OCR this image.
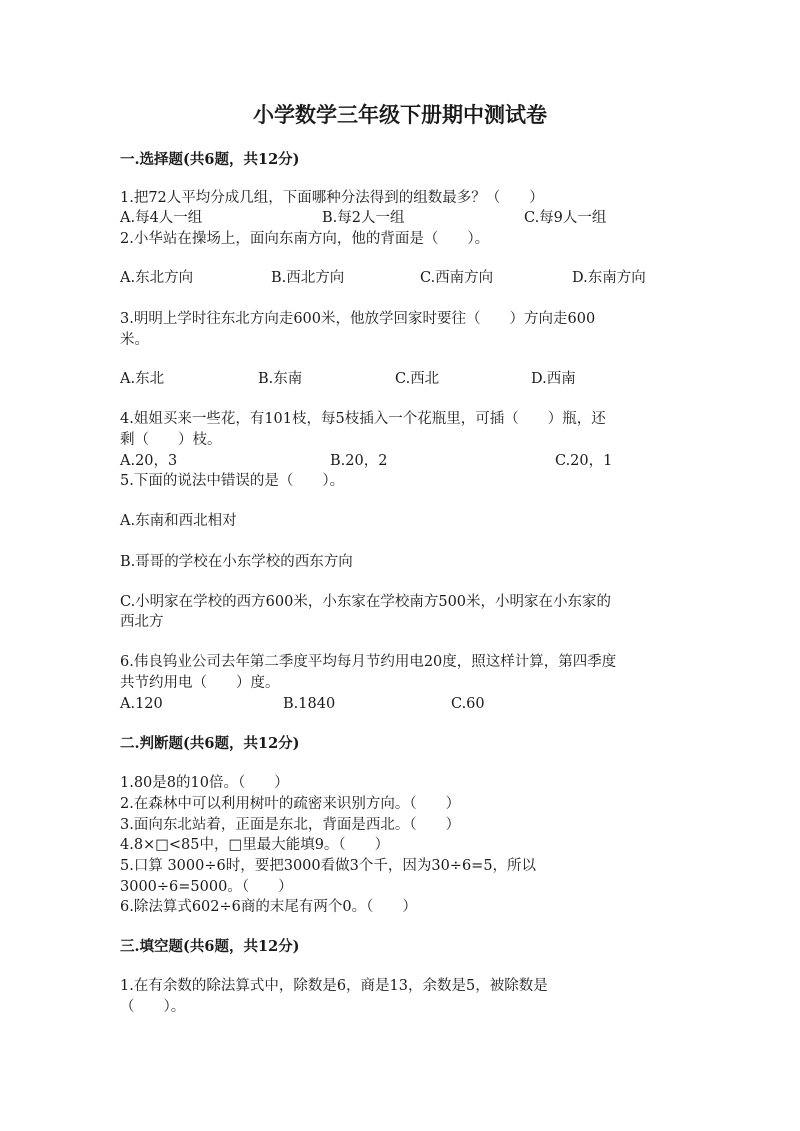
小学数学三年级下册期中测试卷
一.选择题(共6题，共12分)
1.把72人平均分成几组，下面哪种分法得到的组数最多？（　　）
A.每4人一组	B.每2人一组	C.每9人一组
2.小华站在操场上，面向东南方向，他的背面是（　　）。
A.东北方向	B.西北方向	C.西南方向	D.东南方向
3.明明上学时往东北方向走600米，他放学回家时要往（　　）方向走600
米。
A.东北	B.东南	C.西北	D.西南
4.姐姐买来一些花，有101枝，每5枝插入一个花瓶里，可插（　　）瓶，还
剩（　　）枝。
A.20，3	B.20，2	C.20，1
5.下面的说法中错误的是（　　）。
A.东南和西北相对
B.哥哥的学校在小东学校的西东方向
C.小明家在学校的西方600米，小东家在学校南方500米，小明家在小东家的
西北方
6.伟良钨业公司去年第二季度平均每月节约用电20度，照这样计算，第四季度
共节约用电（　　）度。
A.120	B.1840	C.60
二.判断题(共6题，共12分)
1.80是8的10倍。（　　）
2.在森林中可以利用树叶的疏密来识别方向。（　　）
3.面向东北站着，正面是东北，背面是西北。（　　）
4.8×□<85中，□里最大能填9。（　　）
5.口算 3000÷6时，要把3000看做3个千，因为30÷6=5，所以
3000÷6=5000。（　　）
6.除法算式602÷6商的末尾有两个0。（　　）
三.填空题(共6题，共12分)
1.在有余数的除法算式中，除数是6，商是13，余数是5，被除数是
（　　）。
